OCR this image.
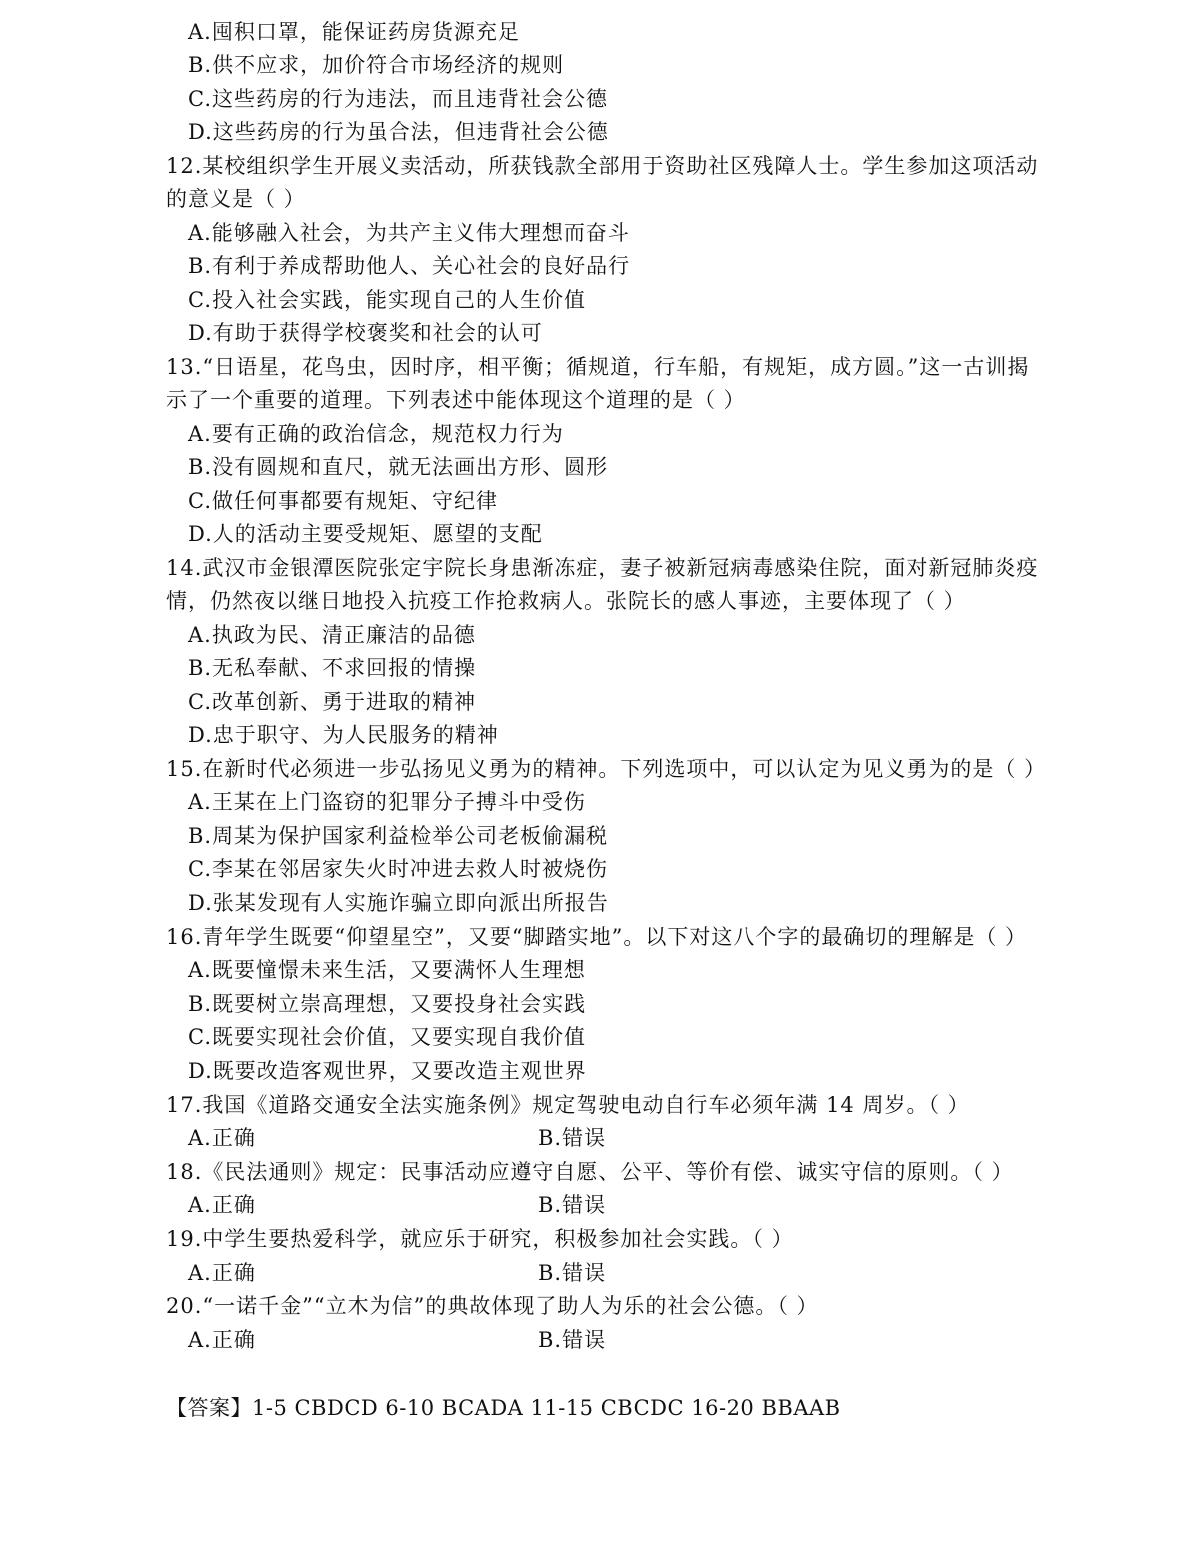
A.囤积口罩，能保证药房货源充足
B.供不应求，加价符合市场经济的规则
C.这些药房的行为违法，而且违背社会公德
D.这些药房的行为虽合法，但违背社会公德
12.某校组织学生开展义卖活动，所获钱款全部用于资助社区残障人士。学生参加这项活动
的意义是（ ）
A.能够融入社会，为共产主义伟大理想而奋斗
B.有利于养成帮助他人、关心社会的良好品行
C.投入社会实践，能实现自己的人生价值
D.有助于获得学校褒奖和社会的认可
13.“日语星，花鸟虫，因时序，相平衡；循规道，行车船，有规矩，成方圆。”这一古训揭
示了一个重要的道理。下列表述中能体现这个道理的是（ ）
A.要有正确的政治信念，规范权力行为
B.没有圆规和直尺，就无法画出方形、圆形
C.做任何事都要有规矩、守纪律
D.人的活动主要受规矩、愿望的支配
14.武汉市金银潭医院张定宇院长身患渐冻症，妻子被新冠病毒感染住院，面对新冠肺炎疫
情，仍然夜以继日地投入抗疫工作抢救病人。张院长的感人事迹，主要体现了（ ）
A.执政为民、清正廉洁的品德
B.无私奉献、不求回报的情操
C.改革创新、勇于进取的精神
D.忠于职守、为人民服务的精神
15.在新时代必须进一步弘扬见义勇为的精神。下列选项中，可以认定为见义勇为的是（ ）
A.王某在上门盗窃的犯罪分子搏斗中受伤
B.周某为保护国家利益检举公司老板偷漏税
C.李某在邻居家失火时冲进去救人时被烧伤
D.张某发现有人实施诈骗立即向派出所报告
16.青年学生既要“仰望星空”，又要“脚踏实地”。以下对这八个字的最确切的理解是（ ）
A.既要憧憬未来生活，又要满怀人生理想
B.既要树立崇高理想，又要投身社会实践
C.既要实现社会价值，又要实现自我价值
D.既要改造客观世界，又要改造主观世界
17.我国《道路交通安全法实施条例》规定驾驶电动自行车必须年满 14 周岁。（ ）
A.正确	B.错误
18.《民法通则》规定：民事活动应遵守自愿、公平、等价有偿、诚实守信的原则。（ ）
A.正确	B.错误
19.中学生要热爱科学，就应乐于研究，积极参加社会实践。（ ）
A.正确	B.错误
20.“一诺千金”“立木为信”的典故体现了助人为乐的社会公德。（ ）
A.正确	B.错误
【答案】1-5 CBDCD 6-10 BCADA 11-15 CBCDC 16-20 BBAAB
